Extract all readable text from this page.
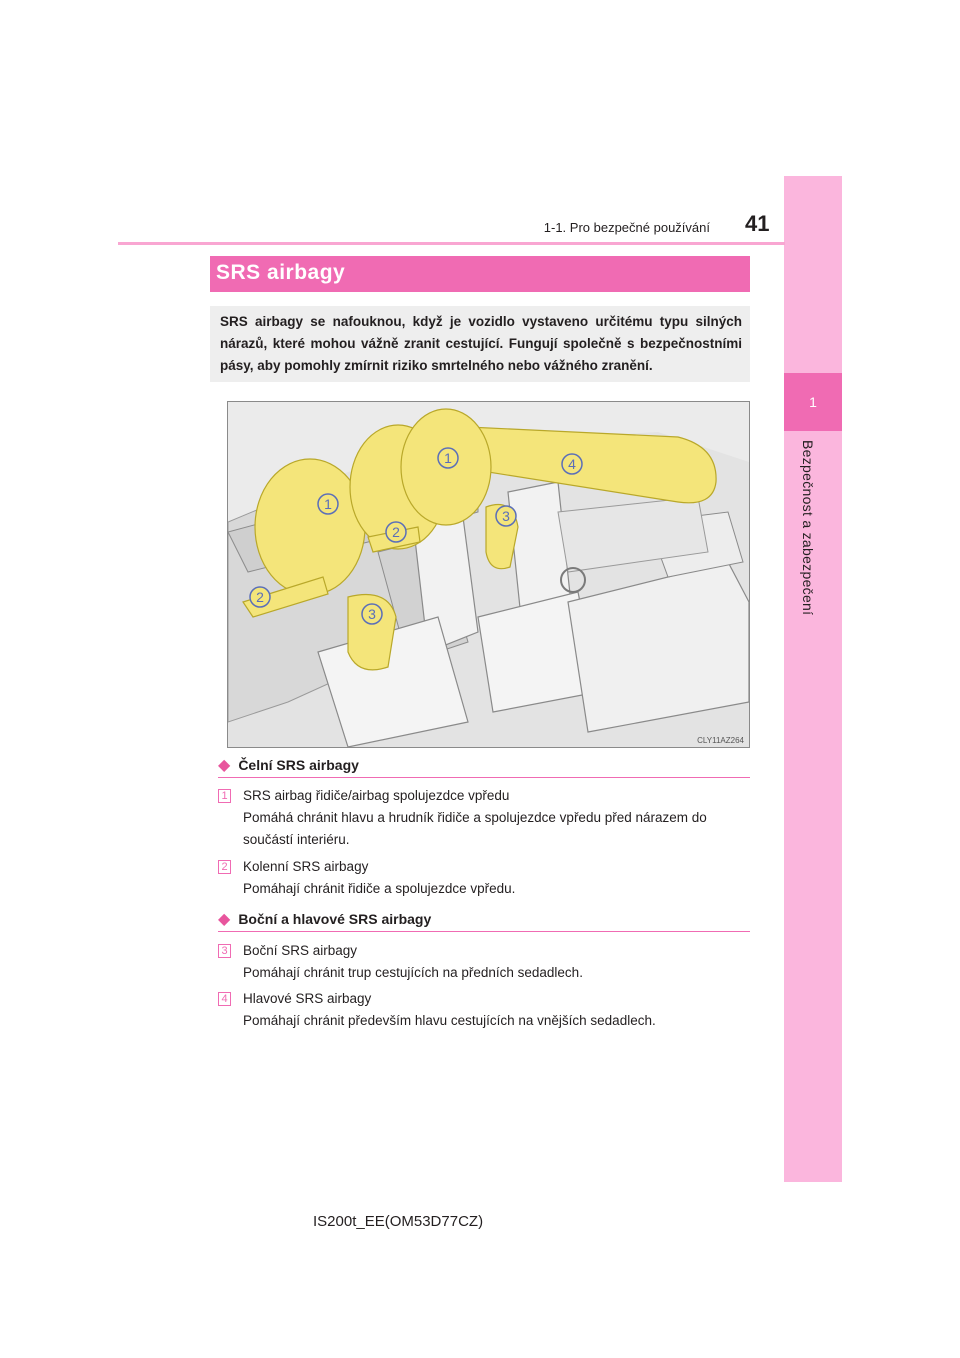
1
Bezpečnost a zabezpečení
1-1. Pro bezpečné používání 41
SRS airbagy
SRS airbagy se nafouknou, když je vozidlo vystaveno určitému typu silných nárazů, které mohou vážně zranit cestující. Fungují společně s bezpečnostními pásy, aby pomohly zmírnit riziko smrtelného nebo vážného zranění.
1
1
2
2
3
3
4
CLY11AZ264
◆ Čelní SRS airbagy
1 SRS airbag řidiče/airbag spolujezdce vpředu
Pomáhá chránit hlavu a hrudník řidiče a spolujezdce vpředu před nárazem do součástí interiéru.
2 Kolenní SRS airbagy
Pomáhají chránit řidiče a spolujezdce vpředu.
◆ Boční a hlavové SRS airbagy
3 Boční SRS airbagy
Pomáhají chránit trup cestujících na předních sedadlech.
4 Hlavové SRS airbagy
Pomáhají chránit především hlavu cestujících na vnějších sedadlech.
IS200t_EE(OM53D77CZ)
